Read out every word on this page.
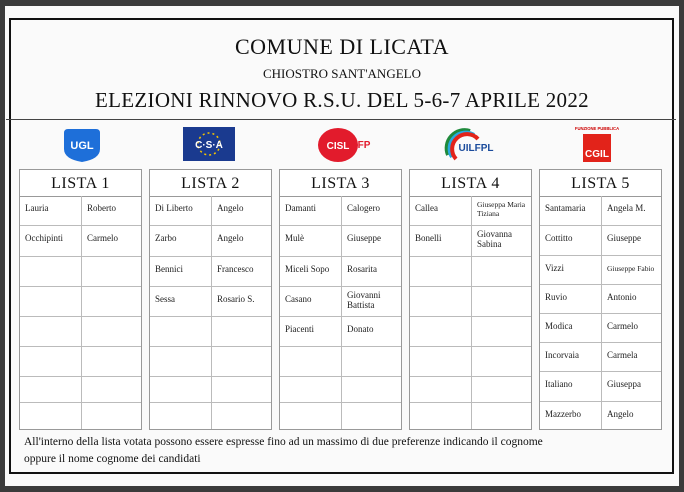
COMUNE DI LICATA
CHIOSTRO SANT'ANGELO
ELEZIONI RINNOVO R.S.U. DEL 5-6-7 APRILE 2022
UGL	C·S·A	CISL FP	UILFPL
FUNZIONE PUBBLICA
CGIL
LISTA 1
Lauria	Roberto
Occhipinti	Carmelo
LISTA 2
Di Liberto	Angelo
Zarbo	Angelo
Bennici	Francesco
Sessa	Rosario S.
LISTA 3
Damanti	Calogero
Mulè	Giuseppe
Miceli Sopo	Rosarita
Casano	Giovanni Battista
Piacenti	Donato
LISTA 4
Callea	Giuseppa Maria Tiziana
Bonelli	Giovanna Sabina
LISTA 5
Santamaria	Angela M.
Cottitto	Giuseppe
Vizzi	Giuseppe Fabio
Ruvio	Antonio
Modica	Carmelo
Incorvaia	Carmela
Italiano	Giuseppa
Mazzerbo	Angelo
All'interno della lista votata possono essere espresse fino ad un massimo di due preferenze indicando il cognome
oppure il nome cognome dei candidati
